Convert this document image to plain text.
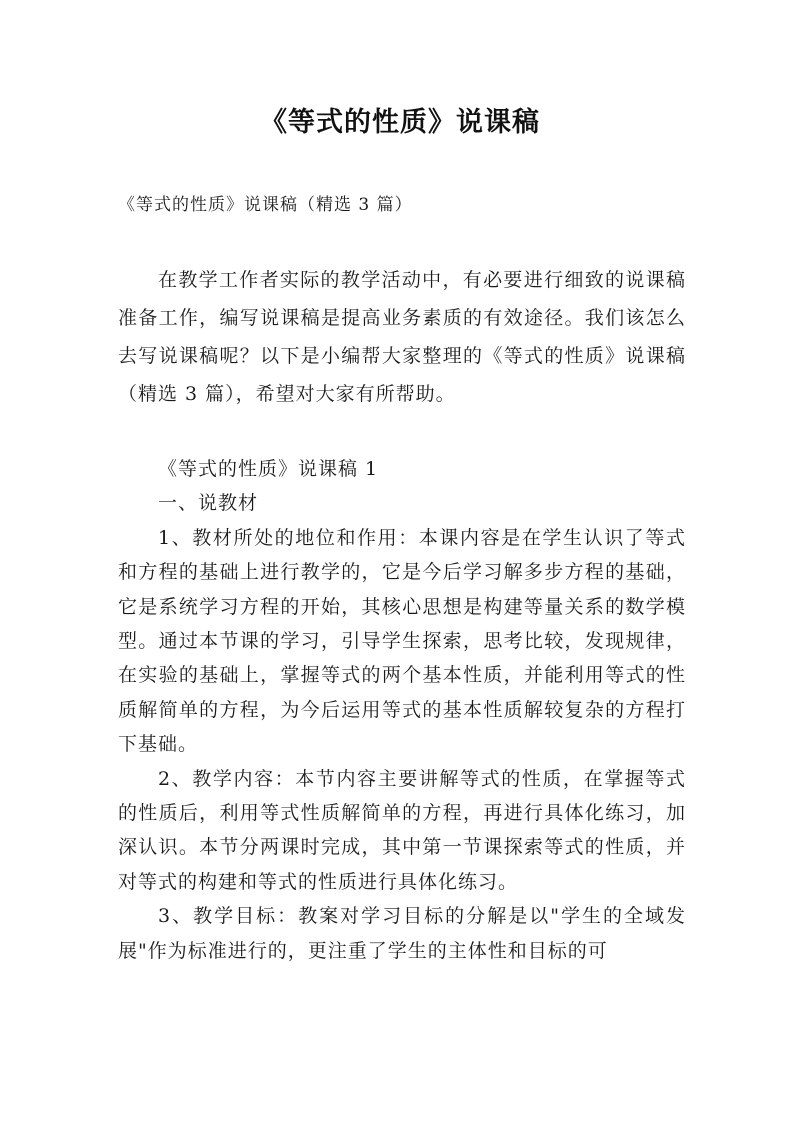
《等式的性质》说课稿
《等式的性质》说课稿（精选 3 篇）
在教学工作者实际的教学活动中，有必要进行细致的说课稿准备工作，编写说课稿是提高业务素质的有效途径。我们该怎么去写说课稿呢？以下是小编帮大家整理的《等式的性质》说课稿（精选 3 篇），希望对大家有所帮助。

《等式的性质》说课稿 1

一、说教材

1、教材所处的地位和作用：本课内容是在学生认识了等式和方程的基础上进行教学的，它是今后学习解多步方程的基础，它是系统学习方程的开始，其核心思想是构建等量关系的数学模型。通过本节课的学习，引导学生探索，思考比较，发现规律，在实验的基础上，掌握等式的两个基本性质，并能利用等式的性质解简单的方程，为今后运用等式的基本性质解较复杂的方程打下基础。

2、教学内容：本节内容主要讲解等式的性质，在掌握等式的性质后，利用等式性质解简单的方程，再进行具体化练习，加深认识。本节分两课时完成，其中第一节课探索等式的性质，并对等式的构建和等式的性质进行具体化练习。

3、教学目标：教案对学习目标的分解是以"学生的全域发展"作为标准进行的，更注重了学生的主体性和目标的可
